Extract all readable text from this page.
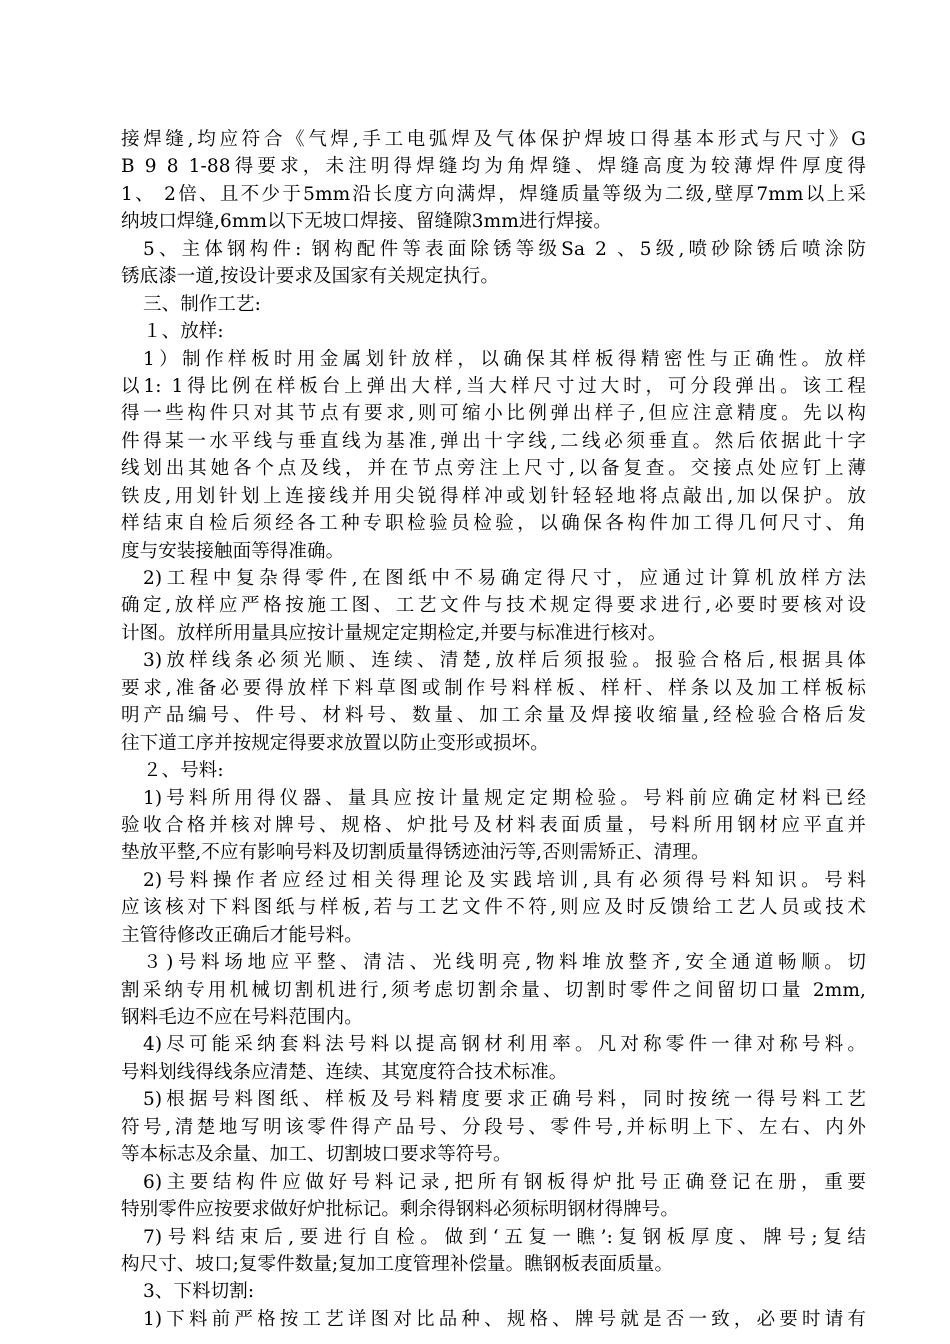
接焊缝,均应符合《气焊,手工电弧焊及气体保护焊坡口得基本形式与尺寸》G
B 9 8 1-88得要求，未注明得焊缝均为角焊缝、焊缝高度为较薄焊件厚度得
1、 2倍、且不少于5mm沿长度方向满焊，焊缝质量等级为二级,壁厚7mm以上采
纳坡口焊缝,6mm以下无坡口焊接、留缝隙3mm进行焊接。
5、主体钢构件: 钢构配件等表面除锈等级Sa 2 、5级,喷砂除锈后喷涂防
锈底漆一道,按设计要求及国家有关规定执行。
三、制作工艺:
１、放样:
1）制作样板时用金属划针放样，以确保其样板得精密性与正确性。放样
以1: 1得比例在样板台上弹出大样,当大样尺寸过大时，可分段弹出。该工程
得一些构件只对其节点有要求,则可缩小比例弹出样子,但应注意精度。先以构
件得某一水平线与垂直线为基准,弹出十字线,二线必须垂直。然后依据此十字
线划出其她各个点及线，并在节点旁注上尺寸,以备复查。交接点处应钉上薄
铁皮,用划针划上连接线并用尖锐得样冲或划针轻轻地将点敲出,加以保护。放
样结束自检后须经各工种专职检验员检验，以确保各构件加工得几何尺寸、角
度与安装接触面等得准确。
2)工程中复杂得零件,在图纸中不易确定得尺寸，应通过计算机放样方法
确定,放样应严格按施工图、工艺文件与技术规定得要求进行,必要时要核对设
计图。放样所用量具应按计量规定定期检定,并要与标准进行核对。
3)放样线条必须光顺、连续、清楚,放样后须报验。报验合格后,根据具体
要求,准备必要得放样下料草图或制作号料样板、样杆、样条以及加工样板标
明产品编号、件号、材料号、数量、加工余量及焊接收缩量,经检验合格后发
往下道工序并按规定得要求放置以防止变形或损坏。
２、号料:
1)号料所用得仪器、量具应按计量规定定期检验。号料前应确定材料已经
验收合格并核对牌号、规格、炉批号及材料表面质量，号料所用钢材应平直并
垫放平整,不应有影响号料及切割质量得锈迹油污等,否则需矫正、清理。
2)号料操作者应经过相关得理论及实践培训,具有必须得号料知识。号料
应该核对下料图纸与样板,若与工艺文件不符,则应及时反馈给工艺人员或技术
主管待修改正确后才能号料。
３)号料场地应平整、清洁、光线明亮,物料堆放整齐,安全通道畅顺。切
割采纳专用机械切割机进行,须考虑切割余量、切割时零件之间留切口量 2mm,
钢料毛边不应在号料范围内。
4)尽可能采纳套料法号料以提高钢材利用率。凡对称零件一律对称号料。
号料划线得线条应清楚、连续、其宽度符合技术标准。
5)根据号料图纸、样板及号料精度要求正确号料，同时按统一得号料工艺
符号,清楚地写明该零件得产品号、分段号、零件号,并标明上下、左右、内外
等本标志及余量、加工、切割坡口要求等符号。
6)主要结构件应做好号料记录,把所有钢板得炉批号正确登记在册，重要
特别零件应按要求做好炉批标记。剩余得钢料必须标明钢材得牌号。
7)号料结束后,要进行自检。做到‘五复一瞧’:复钢板厚度、牌号;复结
构尺寸、坡口;复零件数量;复加工度管理补偿量。瞧钢板表面质量。
3、下料切割:
1)下料前严格按工艺详图对比品种、规格、牌号就是否一致，必要时请有
